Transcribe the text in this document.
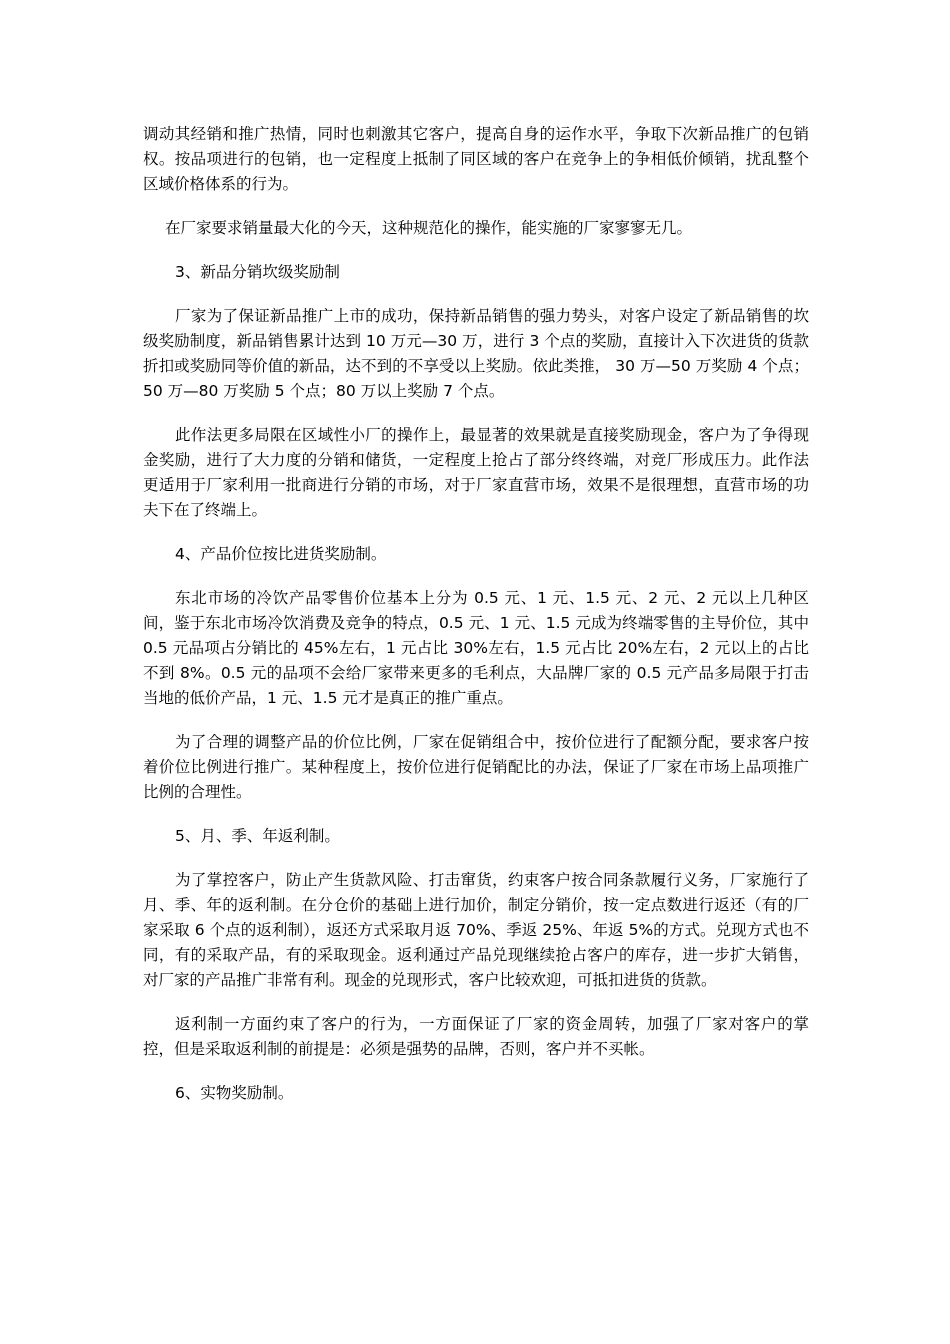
调动其经销和推广热情，同时也刺激其它客户，提高自身的运作水平，争取下次新品推广的包销权。按品项进行的包销，也一定程度上抵制了同区域的客户在竞争上的争相低价倾销，扰乱整个区域价格体系的行为。

在厂家要求销量最大化的今天，这种规范化的操作，能实施的厂家寥寥无几。

3、新品分销坎级奖励制

厂家为了保证新品推广上市的成功，保持新品销售的强力势头，对客户设定了新品销售的坎级奖励制度，新品销售累计达到 10 万元—30 万，进行 3 个点的奖励，直接计入下次进货的货款折扣或奖励同等价值的新品，达不到的不享受以上奖励。依此类推， 30 万—50 万奖励 4 个点； 50 万—80 万奖励 5 个点；80 万以上奖励 7 个点。

此作法更多局限在区域性小厂的操作上，最显著的效果就是直接奖励现金，客户为了争得现金奖励，进行了大力度的分销和储货，一定程度上抢占了部分终终端，对竞厂形成压力。此作法更适用于厂家利用一批商进行分销的市场，对于厂家直营市场，效果不是很理想，直营市场的功夫下在了终端上。

4、产品价位按比进货奖励制。

东北市场的冷饮产品零售价位基本上分为 0.5 元、1 元、1.5 元、2 元、2 元以上几种区间，鉴于东北市场冷饮消费及竞争的特点，0.5 元、1 元、1.5 元成为终端零售的主导价位，其中 0.5 元品项占分销比的 45%左右，1 元占比 30%左右，1.5 元占比 20%左右，2 元以上的占比不到 8%。0.5 元的品项不会给厂家带来更多的毛利点，大品牌厂家的 0.5 元产品多局限于打击当地的低价产品，1 元、1.5 元才是真正的推广重点。

为了合理的调整产品的价位比例，厂家在促销组合中，按价位进行了配额分配，要求客户按着价位比例进行推广。某种程度上，按价位进行促销配比的办法，保证了厂家在市场上品项推广比例的合理性。

5、月、季、年返利制。

为了掌控客户，防止产生货款风险、打击窜货，约束客户按合同条款履行义务，厂家施行了月、季、年的返利制。在分仓价的基础上进行加价，制定分销价，按一定点数进行返还（有的厂家采取 6 个点的返利制），返还方式采取月返 70%、季返 25%、年返 5%的方式。兑现方式也不同，有的采取产品，有的采取现金。返利通过产品兑现继续抢占客户的库存，进一步扩大销售，对厂家的产品推广非常有利。现金的兑现形式，客户比较欢迎，可抵扣进货的货款。

返利制一方面约束了客户的行为，一方面保证了厂家的资金周转，加强了厂家对客户的掌控，但是采取返利制的前提是：必须是强势的品牌，否则，客户并不买帐。

6、实物奖励制。
